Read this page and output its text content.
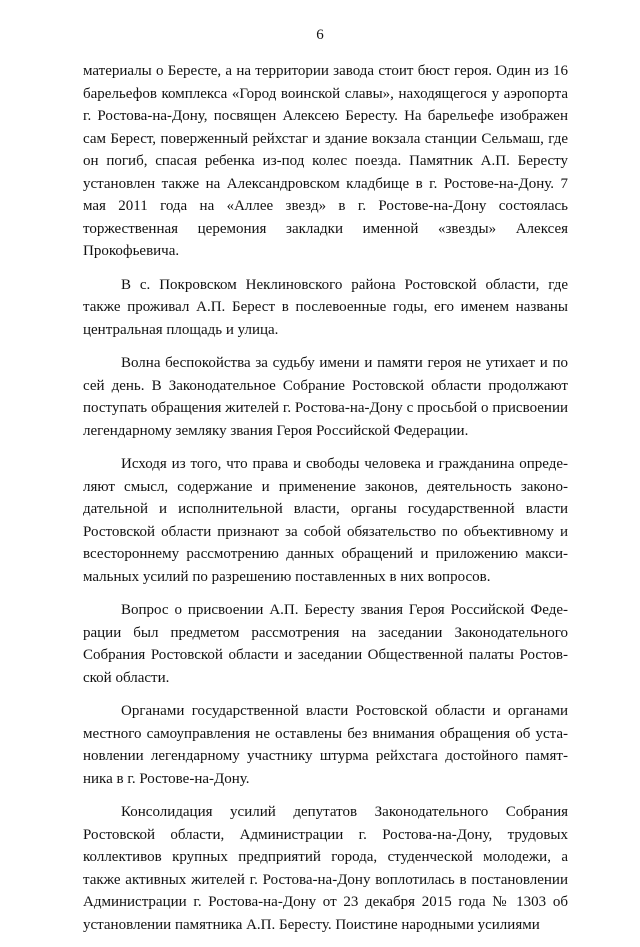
6

материалы о Бересте, а на территории завода стоит бюст героя. Один из 16 барельефов комплекса «Город воинской славы», находящегося у аэропорта г. Ростова-на-Дону, посвящен Алексею Бересту. На барельефе изображен сам Берест, поверженный рейхстаг и здание вокзала станции Сельмаш, где он погиб, спасая ребенка из-под колес поезда. Памятник А.П. Бересту установлен также на Александровском кладбище в г. Ростове-на-Дону. 7 мая 2011 года на «Аллее звезд» в г. Ростове-на-Дону состоялась торжественная церемония закладки именной «звезды» Алексея Прокофьевича.

В с. Покровском Неклиновского района Ростовской области, где также проживал А.П. Берест в послевоенные годы, его именем названы центральная площадь и улица.

Волна беспокойства за судьбу имени и памяти героя не утихает и по сей день. В Законодательное Собрание Ростовской области продолжают поступать обращения жителей г. Ростова-на-Дону с просьбой о присвоении легендарному земляку звания Героя Российской Федерации.

Исходя из того, что права и свободы человека и гражданина определяют смысл, содержание и применение законов, деятельность законодательной и исполнительной власти, органы государственной власти Ростовской области признают за собой обязательство по объективному и всестороннему рассмотрению данных обращений и приложению максимальных усилий по разрешению поставленных в них вопросов.

Вопрос о присвоении А.П. Бересту звания Героя Российской Федерации был предметом рассмотрения на заседании Законодательного Собрания Ростовской области и заседании Общественной палаты Ростовской области.

Органами государственной власти Ростовской области и органами местного самоуправления не оставлены без внимания обращения об установлении легендарному участнику штурма рейхстага достойного памятника в г. Ростове-на-Дону.

Консолидация усилий депутатов Законодательного Собрания Ростовской области, Администрации г. Ростова-на-Дону, трудовых коллективов крупных предприятий города, студенческой молодежи, а также активных жителей г. Ростова-на-Дону воплотилась в постановлении Администрации г. Ростова-на-Дону от 23 декабря 2015 года № 1303 об установлении памятника А.П. Бересту. Поистине народными усилиями
